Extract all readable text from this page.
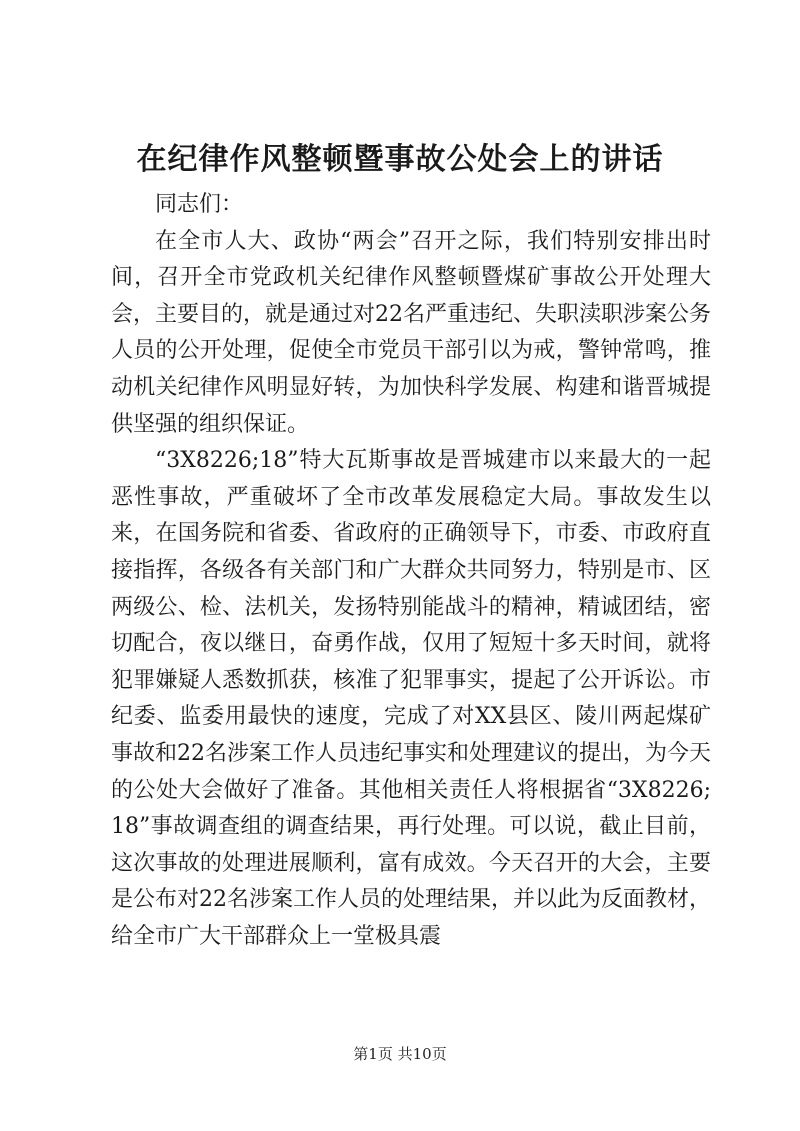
在纪律作风整顿暨事故公处会上的讲话

同志们：

在全市人大、政协“两会”召开之际，我们特别安排出时间，召开全市党政机关纪律作风整顿暨煤矿事故公开处理大会，主要目的，就是通过对22名严重违纪、失职渎职涉案公务人员的公开处理，促使全市党员干部引以为戒，警钟常鸣，推动机关纪律作风明显好转，为加快科学发展、构建和谐晋城提供坚强的组织保证。

“3X8226;18”特大瓦斯事故是晋城建市以来最大的一起恶性事故，严重破坏了全市改革发展稳定大局。事故发生以来，在国务院和省委、省政府的正确领导下，市委、市政府直接指挥，各级各有关部门和广大群众共同努力，特别是市、区两级公、检、法机关，发扬特别能战斗的精神，精诚团结，密切配合，夜以继日，奋勇作战，仅用了短短十多天时间，就将犯罪嫌疑人悉数抓获，核准了犯罪事实，提起了公开诉讼。市纪委、监委用最快的速度，完成了对XX县区、陵川两起煤矿事故和22名涉案工作人员违纪事实和处理建议的提出，为今天的公处大会做好了准备。其他相关责任人将根据省“3X8226;18”事故调查组的调查结果，再行处理。可以说，截止目前，这次事故的处理进展顺利，富有成效。今天召开的大会，主要是公布对22名涉案工作人员的处理结果，并以此为反面教材，给全市广大干部群众上一堂极具震

第1页 共10页
